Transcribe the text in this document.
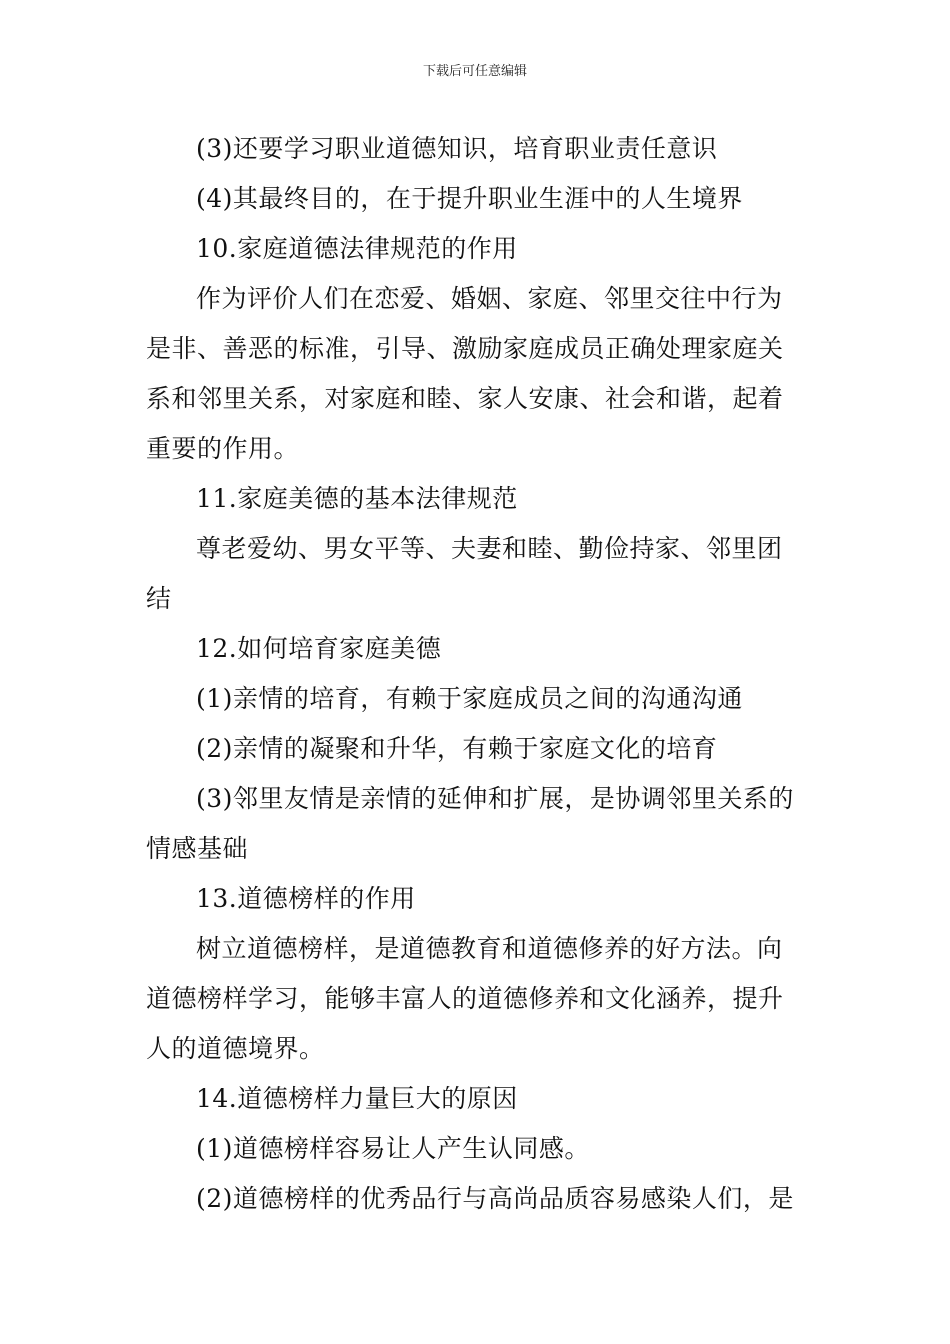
下载后可任意编辑
(3)还要学习职业道德知识，培育职业责任意识
(4)其最终目的，在于提升职业生涯中的人生境界
10.家庭道德法律规范的作用
作为评价人们在恋爱、婚姻、家庭、邻里交往中行为
是非、善恶的标准，引导、激励家庭成员正确处理家庭关
系和邻里关系，对家庭和睦、家人安康、社会和谐，起着
重要的作用。
11.家庭美德的基本法律规范
尊老爱幼、男女平等、夫妻和睦、勤俭持家、邻里团
结
12.如何培育家庭美德
(1)亲情的培育，有赖于家庭成员之间的沟通沟通
(2)亲情的凝聚和升华，有赖于家庭文化的培育
(3)邻里友情是亲情的延伸和扩展，是协调邻里关系的
情感基础
13.道德榜样的作用
树立道德榜样，是道德教育和道德修养的好方法。向
道德榜样学习，能够丰富人的道德修养和文化涵养，提升
人的道德境界。
14.道德榜样力量巨大的原因
(1)道德榜样容易让人产生认同感。
(2)道德榜样的优秀品行与高尚品质容易感染人们，是
